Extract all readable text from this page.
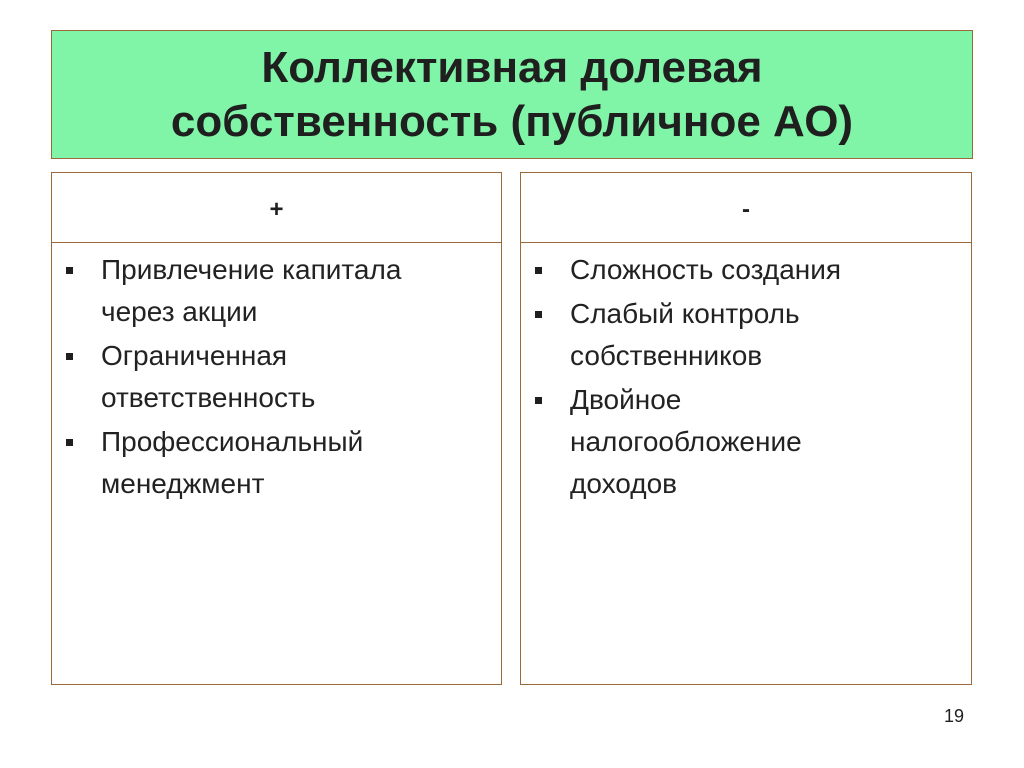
Коллективная долевая
собственность (публичное АО)

+
Привлечение капитала
через акции
Ограниченная
ответственность
Профессиональный
менеджмент
-
Сложность создания
Слабый контроль
собственников
Двойное
налогообложение
доходов
19
